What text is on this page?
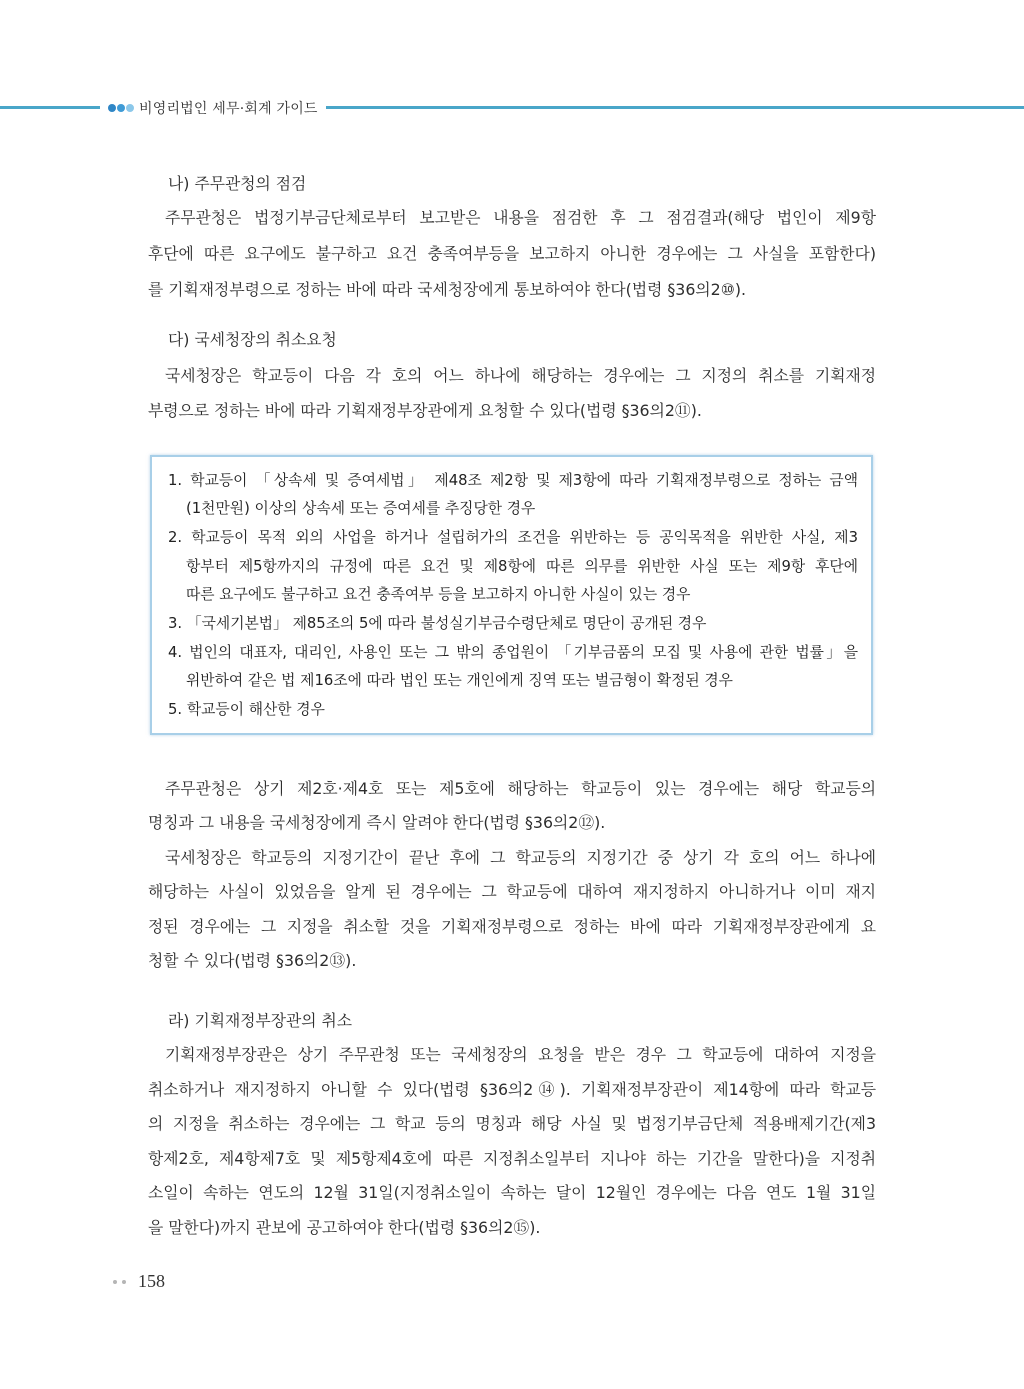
비영리법인 세무·회계 가이드
나) 주무관청의 점검
주무관청은 법정기부금단체로부터 보고받은 내용을 점검한 후 그 점검결과(해당 법인이 제9항
후단에 따른 요구에도 불구하고 요건 충족여부등을 보고하지 아니한 경우에는 그 사실을 포함한다)
를 기획재정부령으로 정하는 바에 따라 국세청장에게 통보하여야 한다(법령 §36의2⑩).
다) 국세청장의 취소요청
국세청장은 학교등이 다음 각 호의 어느 하나에 해당하는 경우에는 그 지정의 취소를 기획재정
부령으로 정하는 바에 따라 기획재정부장관에게 요청할 수 있다(법령 §36의2⑪).
1. 학교등이 「상속세 및 증여세법」 제48조 제2항 및 제3항에 따라 기획재정부령으로 정하는 금액
(1천만원) 이상의 상속세 또는 증여세를 추징당한 경우
2. 학교등이 목적 외의 사업을 하거나 설립허가의 조건을 위반하는 등 공익목적을 위반한 사실, 제3
항부터 제5항까지의 규정에 따른 요건 및 제8항에 따른 의무를 위반한 사실 또는 제9항 후단에
따른 요구에도 불구하고 요건 충족여부 등을 보고하지 아니한 사실이 있는 경우
3. 「국세기본법」 제85조의 5에 따라 불성실기부금수령단체로 명단이 공개된 경우
4. 법인의 대표자, 대리인, 사용인 또는 그 밖의 종업원이 「기부금품의 모집 및 사용에 관한 법률」을
위반하여 같은 법 제16조에 따라 법인 또는 개인에게 징역 또는 벌금형이 확정된 경우
5. 학교등이 해산한 경우
주무관청은 상기 제2호·제4호 또는 제5호에 해당하는 학교등이 있는 경우에는 해당 학교등의
명칭과 그 내용을 국세청장에게 즉시 알려야 한다(법령 §36의2⑫).
국세청장은 학교등의 지정기간이 끝난 후에 그 학교등의 지정기간 중 상기 각 호의 어느 하나에
해당하는 사실이 있었음을 알게 된 경우에는 그 학교등에 대하여 재지정하지 아니하거나 이미 재지
정된 경우에는 그 지정을 취소할 것을 기획재정부령으로 정하는 바에 따라 기획재정부장관에게 요
청할 수 있다(법령 §36의2⑬).
라) 기획재정부장관의 취소
기획재정부장관은 상기 주무관청 또는 국세청장의 요청을 받은 경우 그 학교등에 대하여 지정을
취소하거나 재지정하지 아니할 수 있다(법령 §36의2⑭). 기획재정부장관이 제14항에 따라 학교등
의 지정을 취소하는 경우에는 그 학교 등의 명칭과 해당 사실 및 법정기부금단체 적용배제기간(제3
항제2호, 제4항제7호 및 제5항제4호에 따른 지정취소일부터 지나야 하는 기간을 말한다)을 지정취
소일이 속하는 연도의 12월 31일(지정취소일이 속하는 달이 12월인 경우에는 다음 연도 1월 31일
을 말한다)까지 관보에 공고하여야 한다(법령 §36의2⑮).
158
